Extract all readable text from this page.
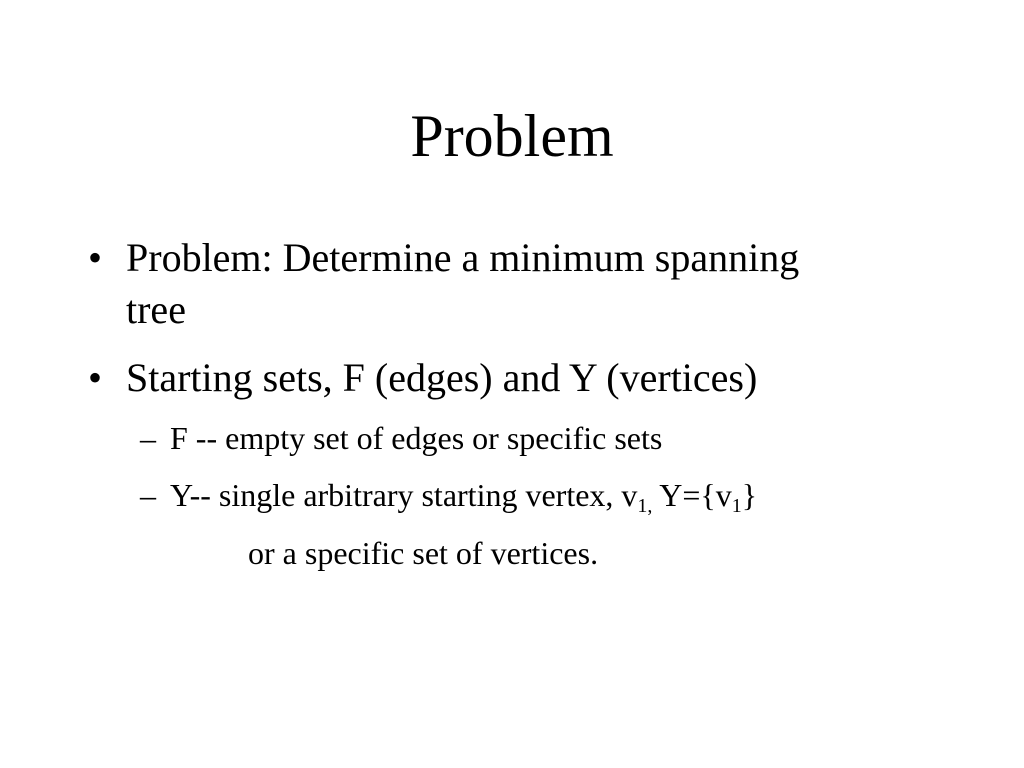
Problem
• Problem: Determine a minimum spanning
tree
• Starting sets, F (edges) and Y (vertices)
– F -- empty set of edges or specific sets
– Y-- single arbitrary starting vertex, $v_{1,}$ $Y=\{v_1\}$
or a specific set of vertices.
